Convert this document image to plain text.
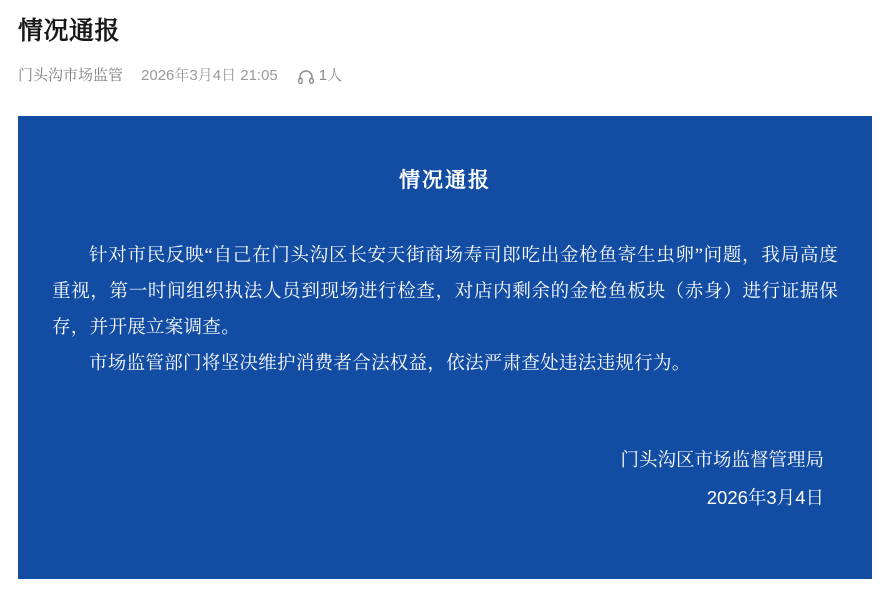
情况通报
门头沟市场监管 2026年3月4日 21:05	1人
情况通报

针对市民反映“自己在门头沟区长安天街商场寿司郎吃出金枪鱼寄生虫卵”问题，我局高度重视，第一时间组织执法人员到现场进行检查，对店内剩余的金枪鱼板块（赤身）进行证据保存，并开展立案调查。

市场监管部门将坚决维护消费者合法权益，依法严肃查处违法违规行为。

门头沟区市场监督管理局
2026年3月4日
